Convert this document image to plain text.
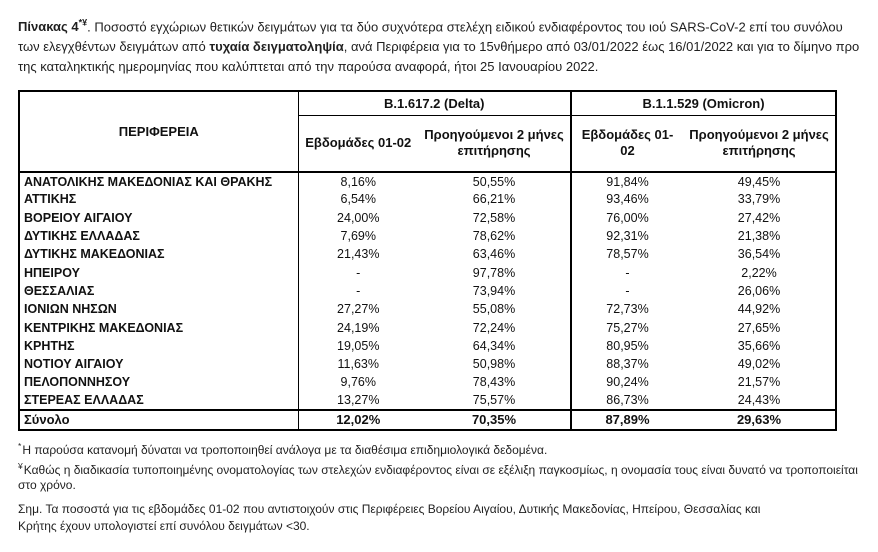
Πίνακας 4*¥. Ποσοστό εγχώριων θετικών δειγμάτων για τα δύο συχνότερα στελέχη ειδικού ενδιαφέροντος του ιού SARS-CoV-2 επί του συνόλου των ελεγχθέντων δειγμάτων από τυχαία δειγματοληψία, ανά Περιφέρεια για το 15νθήμερο από 03/01/2022 έως 16/01/2022 και για το δίμηνο προ της καταληκτικής ημερομηνίας που καλύπτεται από την παρούσα αναφορά, ήτοι 25 Ιανουαρίου 2022.

ΠΕΡΙΦΕΡΕΙΑ	B.1.617.2 (Delta)		B.1.1.529 (Omicron)	
	Εβδομάδες 01-02	Προηγούμενοι 2 μήνες επιτήρησης	Εβδομάδες 01-02	Προηγούμενοι 2 μήνες επιτήρησης
ΑΝΑΤΟΛΙΚΗΣ ΜΑΚΕΔΟΝΙΑΣ ΚΑΙ ΘΡΑΚΗΣ	8,16%	50,55%	91,84%	49,45%
ΑΤΤΙΚΗΣ	6,54%	66,21%	93,46%	33,79%
ΒΟΡΕΙΟΥ ΑΙΓΑΙΟΥ	24,00%	72,58%	76,00%	27,42%
ΔΥΤΙΚΗΣ ΕΛΛΑΔΑΣ	7,69%	78,62%	92,31%	21,38%
ΔΥΤΙΚΗΣ ΜΑΚΕΔΟΝΙΑΣ	21,43%	63,46%	78,57%	36,54%
ΗΠΕΙΡΟΥ	-	97,78%	-	2,22%
ΘΕΣΣΑΛΙΑΣ	-	73,94%	-	26,06%
ΙΟΝΙΩΝ ΝΗΣΩΝ	27,27%	55,08%	72,73%	44,92%
ΚΕΝΤΡΙΚΗΣ ΜΑΚΕΔΟΝΙΑΣ	24,19%	72,24%	75,27%	27,65%
ΚΡΗΤΗΣ	19,05%	64,34%	80,95%	35,66%
ΝΟΤΙΟΥ ΑΙΓΑΙΟΥ	11,63%	50,98%	88,37%	49,02%
ΠΕΛΟΠΟΝΝΗΣΟΥ	9,76%	78,43%	90,24%	21,57%
ΣΤΕΡΕΑΣ ΕΛΛΑΔΑΣ	13,27%	75,57%	86,73%	24,43%
Σύνολο	12,02%	70,35%	87,89%	29,63%

*Η παρούσα κατανομή δύναται να τροποποιηθεί ανάλογα με τα διαθέσιμα επιδημιολογικά δεδομένα.

¥Καθώς η διαδικασία τυποποιημένης ονοματολογίας των στελεχών ενδιαφέροντος είναι σε εξέλιξη παγκοσμίως, η ονομασία τους είναι δυνατό να τροποποιείται στο χρόνο.

Σημ. Τα ποσοστά για τις εβδομάδες 01-02 που αντιστοιχούν στις Περιφέρειες Βορείου Αιγαίου, Δυτικής Μακεδονίας, Ηπείρου, Θεσσαλίας και Κρήτης έχουν υπολογιστεί επί συνόλου δειγμάτων <30.
